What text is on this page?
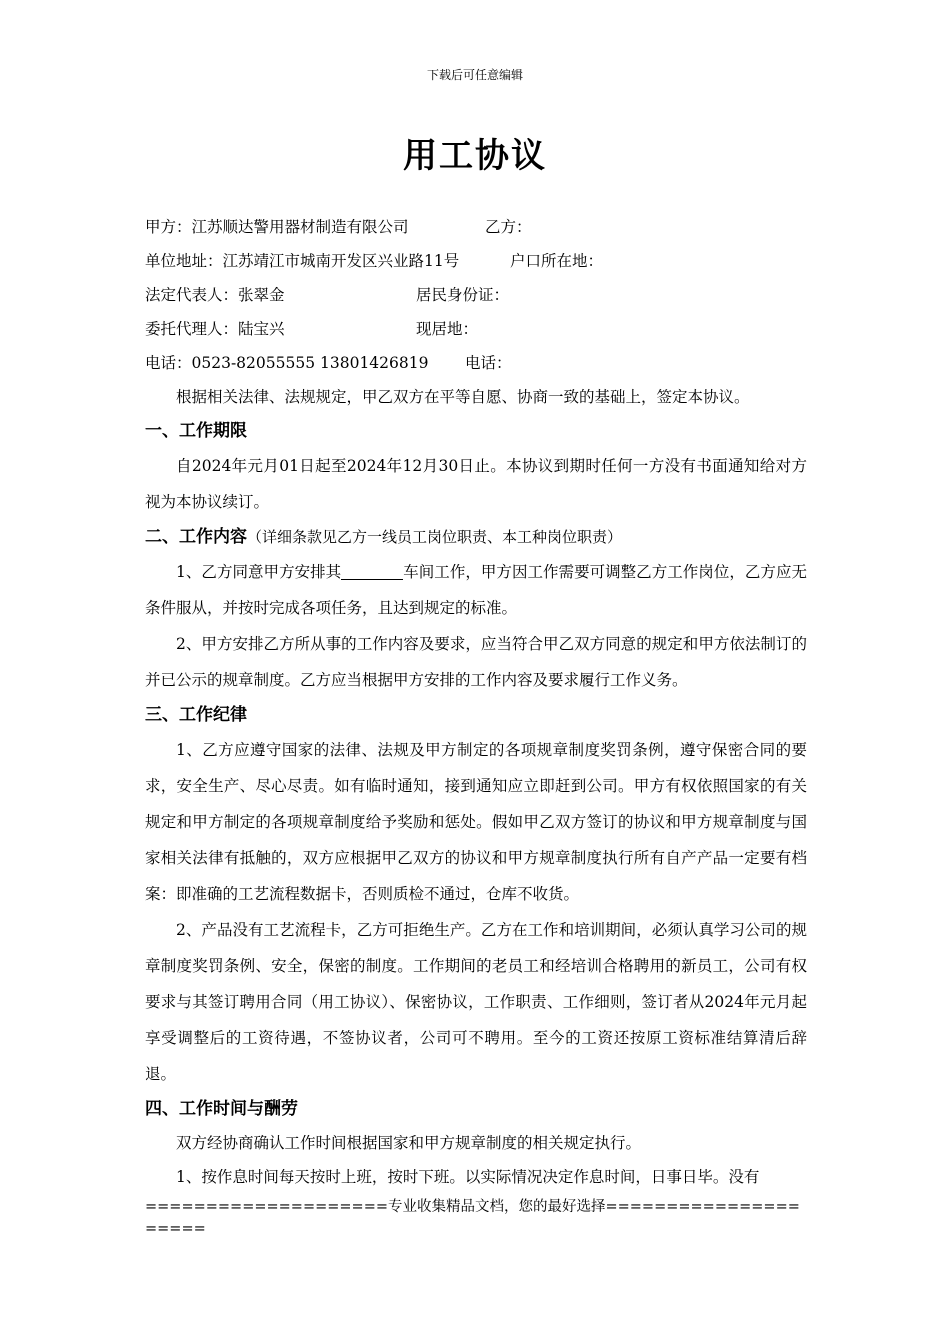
下载后可任意编辑
用工协议
甲方：江苏顺达警用器材制造有限公司	乙方：
单位地址：江苏靖江市城南开发区兴业路11号	户口所在地：
法定代表人：张翠金	居民身份证：
委托代理人：陆宝兴	现居地：
电话：0523-82055555 13801426819 电话：
根据相关法律、法规规定，甲乙双方在平等自愿、协商一致的基础上，签定本协议。
一、工作期限
自2024年元月01日起至2024年12月30日止。本协议到期时任何一方没有书面通知给对方视为本协议续订。
二、工作内容（详细条款见乙方一线员工岗位职责、本工种岗位职责）
1、乙方同意甲方安排其	车间工作，甲方因工作需要可调整乙方工作岗位，乙方应无条件服从，并按时完成各项任务，且达到规定的标准。
2、甲方安排乙方所从事的工作内容及要求，应当符合甲乙双方同意的规定和甲方依法制订的并已公示的规章制度。乙方应当根据甲方安排的工作内容及要求履行工作义务。
三、工作纪律
1、乙方应遵守国家的法律、法规及甲方制定的各项规章制度奖罚条例，遵守保密合同的要求，安全生产、尽心尽责。如有临时通知，接到通知应立即赶到公司。甲方有权依照国家的有关规定和甲方制定的各项规章制度给予奖励和惩处。假如甲乙双方签订的协议和甲方规章制度与国家相关法律有抵触的，双方应根据甲乙双方的协议和甲方规章制度执行所有自产产品一定要有档案：即准确的工艺流程数据卡，否则质检不通过，仓库不收货。
2、产品没有工艺流程卡，乙方可拒绝生产。乙方在工作和培训期间，必须认真学习公司的规章制度奖罚条例、安全，保密的制度。工作期间的老员工和经培训合格聘用的新员工，公司有权要求与其签订聘用合同（用工协议）、保密协议，工作职责、工作细则，签订者从2024年元月起享受调整后的工资待遇，不签协议者，公司可不聘用。至今的工资还按原工资标准结算清后辞退。
四、工作时间与酬劳
双方经协商确认工作时间根据国家和甲方规章制度的相关规定执行。
1、按作息时间每天按时上班，按时下班。以实际情况决定作息时间，日事日毕。没有
====================专业收集精品文档，您的最好选择=====================
